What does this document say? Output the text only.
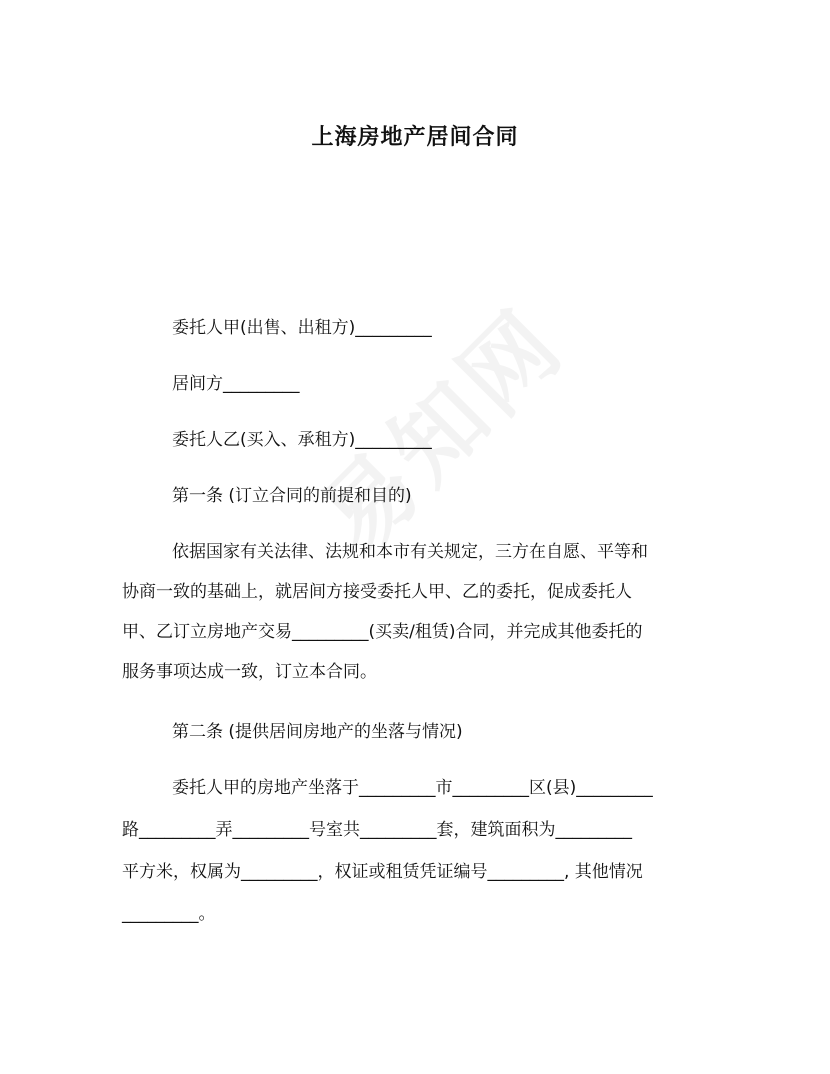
上海房地产居间合同
委托人甲(出售、出租方)_________
居间方_________
委托人乙(买入、承租方)_________
第一条 (订立合同的前提和目的)
依据国家有关法律、法规和本市有关规定，三方在自愿、平等和
协商一致的基础上，就居间方接受委托人甲、乙的委托，促成委托人
甲、乙订立房地产交易_________(买卖/租赁)合同，并完成其他委托的
服务事项达成一致，订立本合同。
第二条 (提供居间房地产的坐落与情况)
委托人甲的房地产坐落于_________市_________区(县)_________
路_________弄_________号室共_________套，建筑面积为_________
平方米，权属为_________，权证或租赁凭证编号_________, 其他情况
_________。
